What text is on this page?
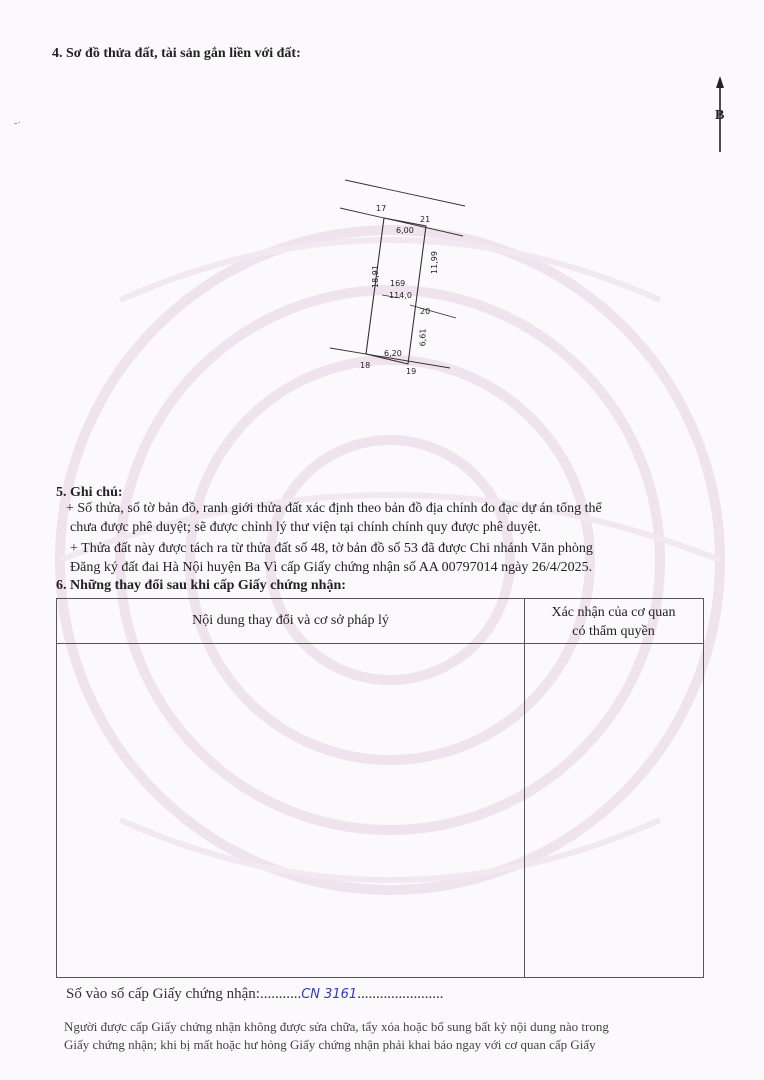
-·
4. Sơ đồ thửa đất, tài sản gắn liền với đất:
B
17
21
6,00
11,99
18,91 169
114,0
20
6,61
6,20
18
19
5. Ghi chú:
+ Số thửa, số tờ bản đồ, ranh giới thửa đất xác định theo bản đồ địa chính đo đạc dự án tổng thể
chưa được phê duyệt; sẽ được chỉnh lý thư viện tại chính chính quy được phê duyệt.
+ Thửa đất này được tách ra từ thửa đất số 48, tờ bản đồ số 53 đã được Chi nhánh Văn phòng
Đăng ký đất đai Hà Nội huyện Ba Vì cấp Giấy chứng nhận số AA 00797014 ngày 26/4/2025.
6. Những thay đổi sau khi cấp Giấy chứng nhận:
Nội dung thay đổi và cơ sở pháp lý
Xác nhận của cơ quan
có thẩm quyền
Số vào sổ cấp Giấy chứng nhận:...........CN 3161.......................
Người được cấp Giấy chứng nhận không được sửa chữa, tẩy xóa hoặc bổ sung bất kỳ nội dung nào trong
Giấy chứng nhận; khi bị mất hoặc hư hỏng Giấy chứng nhận phải khai báo ngay với cơ quan cấp Giấy
